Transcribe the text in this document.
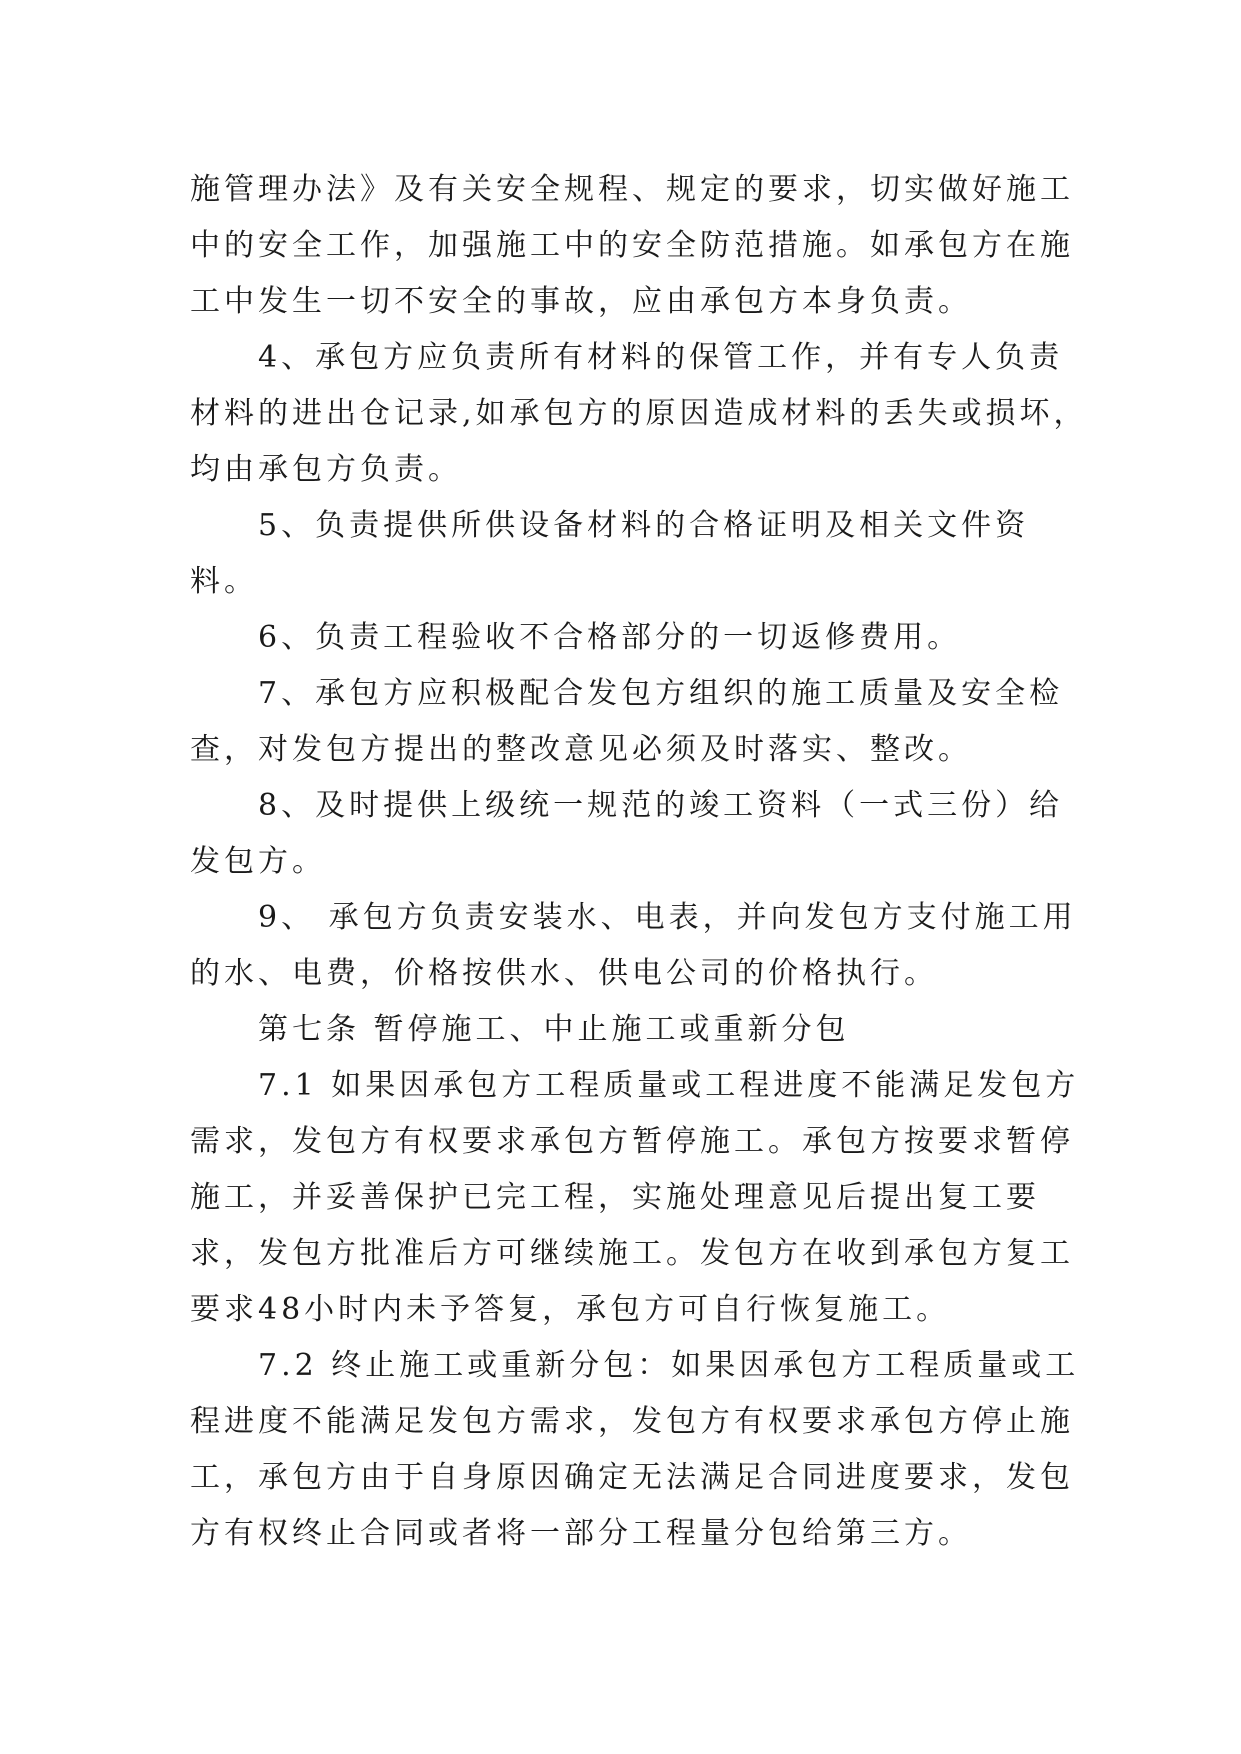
施管理办法》及有关安全规程、规定的要求，切实做好施工中的安全工作，加强施工中的安全防范措施。如承包方在施工中发生一切不安全的事故，应由承包方本身负责。

4、承包方应负责所有材料的保管工作，并有专人负责材料的进出仓记录,如承包方的原因造成材料的丢失或损坏，均由承包方负责。

5、负责提供所供设备材料的合格证明及相关文件资料。

6、负责工程验收不合格部分的一切返修费用。

7、承包方应积极配合发包方组织的施工质量及安全检查，对发包方提出的整改意见必须及时落实、整改。

8、及时提供上级统一规范的竣工资料（一式三份）给发包方。

9、 承包方负责安装水、电表，并向发包方支付施工用的水、电费，价格按供水、供电公司的价格执行。

第七条 暂停施工、中止施工或重新分包

7.1 如果因承包方工程质量或工程进度不能满足发包方需求，发包方有权要求承包方暂停施工。承包方按要求暂停施工，并妥善保护已完工程，实施处理意见后提出复工要求，发包方批准后方可继续施工。发包方在收到承包方复工要求48小时内未予答复，承包方可自行恢复施工。

7.2 终止施工或重新分包：如果因承包方工程质量或工程进度不能满足发包方需求，发包方有权要求承包方停止施工，承包方由于自身原因确定无法满足合同进度要求，发包方有权终止合同或者将一部分工程量分包给第三方。
